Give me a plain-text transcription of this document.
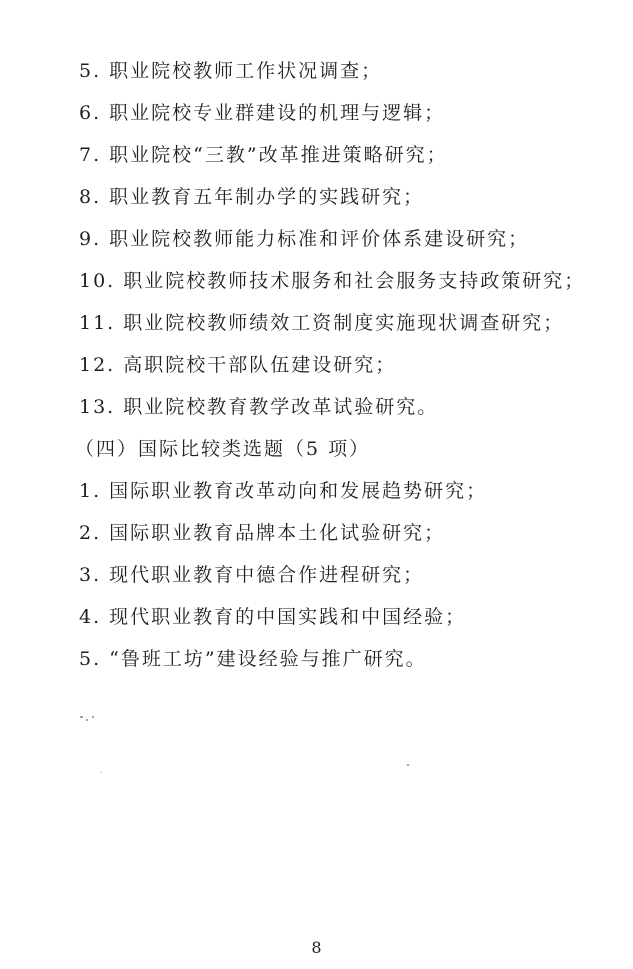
5. 职业院校教师工作状况调查；
6. 职业院校专业群建设的机理与逻辑；
7. 职业院校“三教”改革推进策略研究；
8. 职业教育五年制办学的实践研究；
9. 职业院校教师能力标准和评价体系建设研究；
10. 职业院校教师技术服务和社会服务支持政策研究；
11. 职业院校教师绩效工资制度实施现状调查研究；
12. 高职院校干部队伍建设研究；
13. 职业院校教育教学改革试验研究。
（四）国际比较类选题（5 项）
1. 国际职业教育改革动向和发展趋势研究；
2. 国际职业教育品牌本土化试验研究；
3. 现代职业教育中德合作进程研究；
4. 现代职业教育的中国实践和中国经验；
5. “鲁班工坊”建设经验与推广研究。
8
